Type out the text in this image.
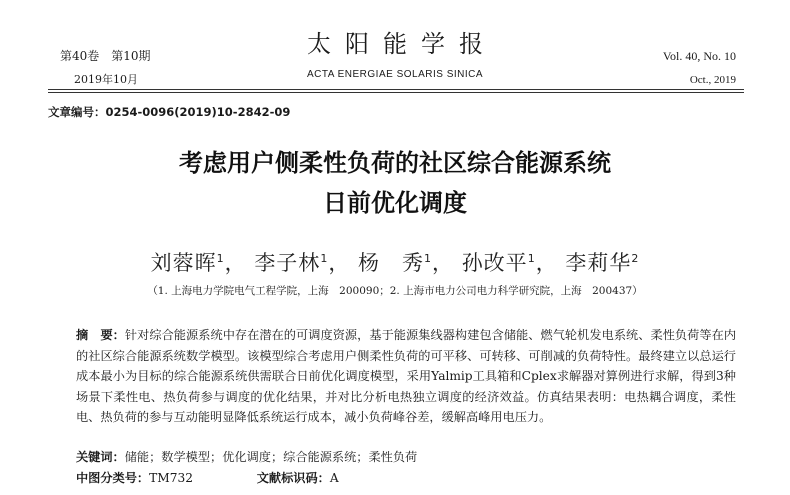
第40卷　第10期
2019年10月
太阳能学报
ACTA ENERGIAE SOLARIS SINICA
Vol. 40, No. 10
Oct., 2019
文章编号：0254-0096(2019)10-2842-09
考虑用户侧柔性负荷的社区综合能源系统
日前优化调度
刘蓉晖$^1$， 李子林$^1$， 杨　秀$^1$， 孙改平$^1$， 李莉华$^2$
（1. 上海电力学院电气工程学院，上海　200090；2. 上海市电力公司电力科学研究院，上海　200437）
摘　要：针对综合能源系统中存在潜在的可调度资源，基于能源集线器构建包含储能、燃气轮机发电系统、柔性负荷等在内的社区综合能源系统数学模型。该模型综合考虑用户侧柔性负荷的可平移、可转移、可削减的负荷特性。最终建立以总运行成本最小为目标的综合能源系统供需联合日前优化调度模型，采用Yalmip工具箱和Cplex求解器对算例进行求解，得到3种场景下柔性电、热负荷参与调度的优化结果，并对比分析电热独立调度的经济效益。仿真结果表明：电热耦合调度，柔性电、热负荷的参与互动能明显降低系统运行成本，减小负荷峰谷差，缓解高峰用电压力。
关键词：储能；数学模型；优化调度；综合能源系统；柔性负荷
中图分类号：TM732	文献标识码：A
